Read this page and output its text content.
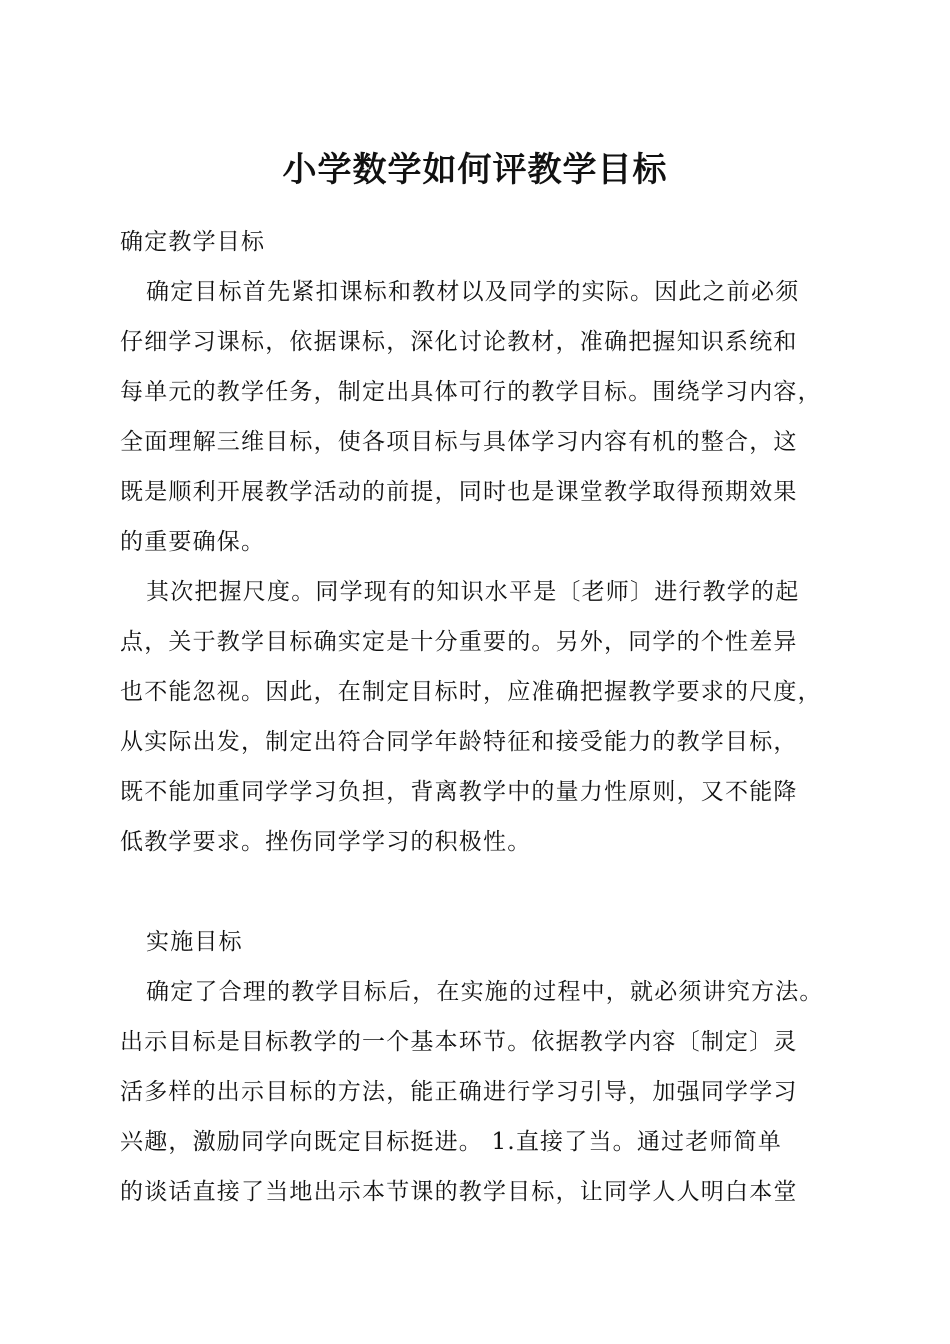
小学数学如何评教学目标

确定教学目标

确定目标首先紧扣课标和教材以及同学的实际。因此之前必须

仔细学习课标，依据课标，深化讨论教材，准确把握知识系统和

每单元的教学任务，制定出具体可行的教学目标。围绕学习内容，

全面理解三维目标，使各项目标与具体学习内容有机的整合，这

既是顺利开展教学活动的前提，同时也是课堂教学取得预期效果

的重要确保。

其次把握尺度。同学现有的知识水平是〔老师〕进行教学的起

点，关于教学目标确实定是十分重要的。另外，同学的个性差异

也不能忽视。因此，在制定目标时，应准确把握教学要求的尺度，

从实际出发，制定出符合同学年龄特征和接受能力的教学目标，

既不能加重同学学习负担，背离教学中的量力性原则，又不能降

低教学要求。挫伤同学学习的积极性。

实施目标

确定了合理的教学目标后，在实施的过程中，就必须讲究方法。

出示目标是目标教学的一个基本环节。依据教学内容〔制定〕灵

活多样的出示目标的方法，能正确进行学习引导，加强同学学习

兴趣，激励同学向既定目标挺进。 1.直接了当。通过老师简单

的谈话直接了当地出示本节课的教学目标，让同学人人明白本堂
